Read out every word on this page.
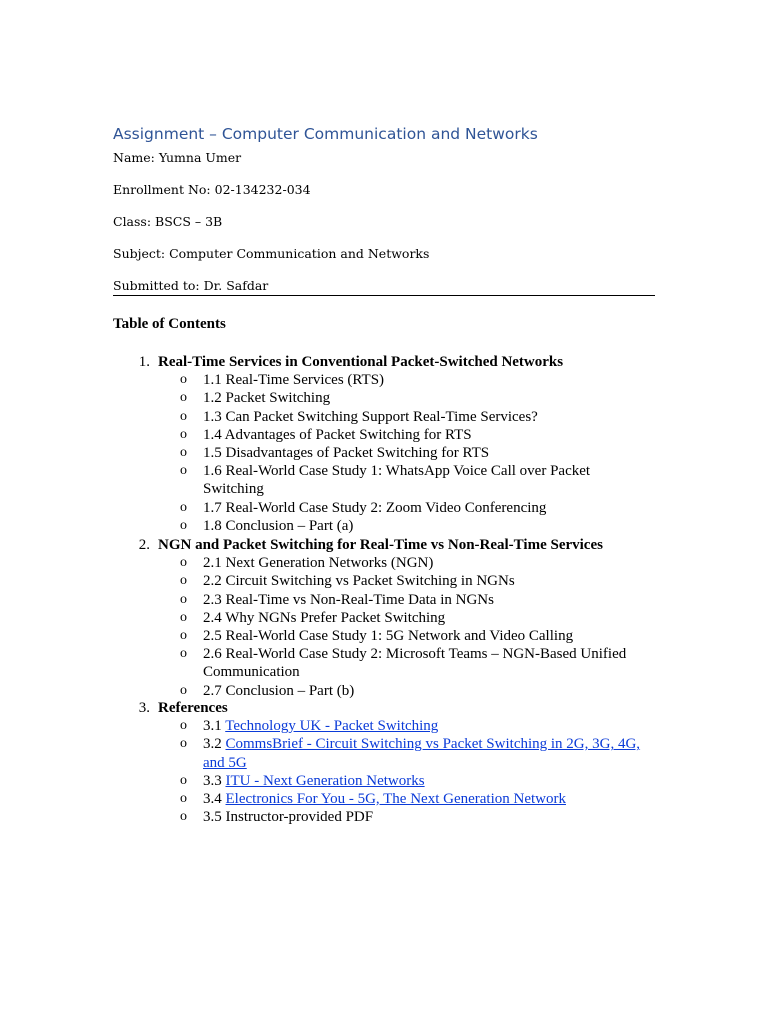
Assignment – Computer Communication and Networks
Name: Yumna Umer
Enrollment No: 02-134232-034
Class: BSCS – 3B
Subject: Computer Communication and Networks
Submitted to: Dr. Safdar
Table of Contents
1. Real-Time Services in Conventional Packet-Switched Networks
o	1.1 Real-Time Services (RTS)
o	1.2 Packet Switching
o	1.3 Can Packet Switching Support Real-Time Services?
o	1.4 Advantages of Packet Switching for RTS
o	1.5 Disadvantages of Packet Switching for RTS
o	1.6 Real-World Case Study 1: WhatsApp Voice Call over Packet Switching
o	1.7 Real-World Case Study 2: Zoom Video Conferencing
o	1.8 Conclusion – Part (a)
2. NGN and Packet Switching for Real-Time vs Non-Real-Time Services
o	2.1 Next Generation Networks (NGN)
o	2.2 Circuit Switching vs Packet Switching in NGNs
o	2.3 Real-Time vs Non-Real-Time Data in NGNs
o	2.4 Why NGNs Prefer Packet Switching
o	2.5 Real-World Case Study 1: 5G Network and Video Calling
o	2.6 Real-World Case Study 2: Microsoft Teams – NGN-Based Unified Communication
o	2.7 Conclusion – Part (b)
3. References
o	3.1 Technology UK - Packet Switching
o	3.2 CommsBrief - Circuit Switching vs Packet Switching in 2G, 3G, 4G, and 5G
o	3.3 ITU - Next Generation Networks
o	3.4 Electronics For You - 5G, The Next Generation Network
o	3.5 Instructor-provided PDF
